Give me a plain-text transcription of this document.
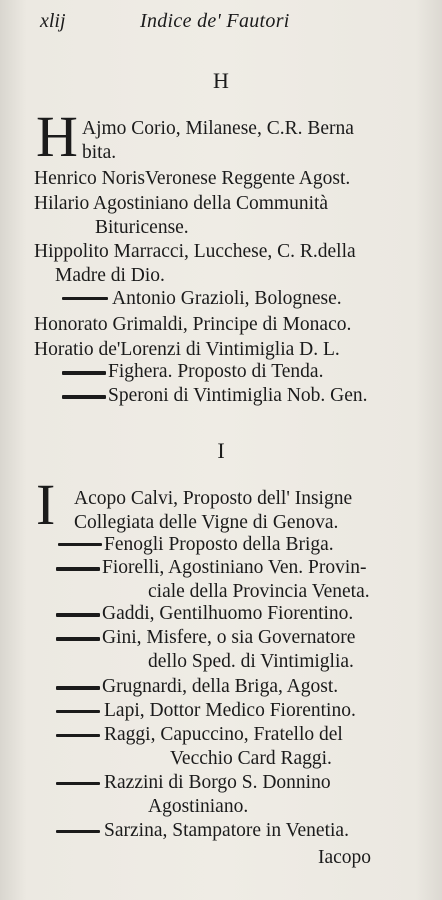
xlij	Indice de' Fautori
H
H Ajmo Corio, Milanese, C.R. Berna
bita.
Henrico NorisVeronese Reggente Agost.
Hilario Agostiniano della Communità
Bituricense.
Hippolito Marracci, Lucchese, C. R.della
Madre di Dio.
Antonio Grazioli, Bolognese.
Honorato Grimaldi, Principe di Monaco.
Horatio de'Lorenzi di Vintimiglia D. L.
Fighera. Proposto di Tenda.
Speroni di Vintimiglia Nob. Gen.
I
I Acopo Calvi, Proposto dell' Insigne
Collegiata delle Vigne di Genova.
Fenogli Proposto della Briga.
Fiorelli, Agostiniano Ven. Provin-
ciale della Provincia Veneta.
Gaddi, Gentilhuomo Fiorentino.
Gini, Misfere, o sia Governatore
dello Sped. di Vintimiglia.
Grugnardi, della Briga, Agost.
Lapi, Dottor Medico Fiorentino.
Raggi, Capuccino, Fratello del
Vecchio Card Raggi.
Razzini di Borgo S. Donnino
Agostiniano.
Sarzina, Stampatore in Venetia.
Iacopo
